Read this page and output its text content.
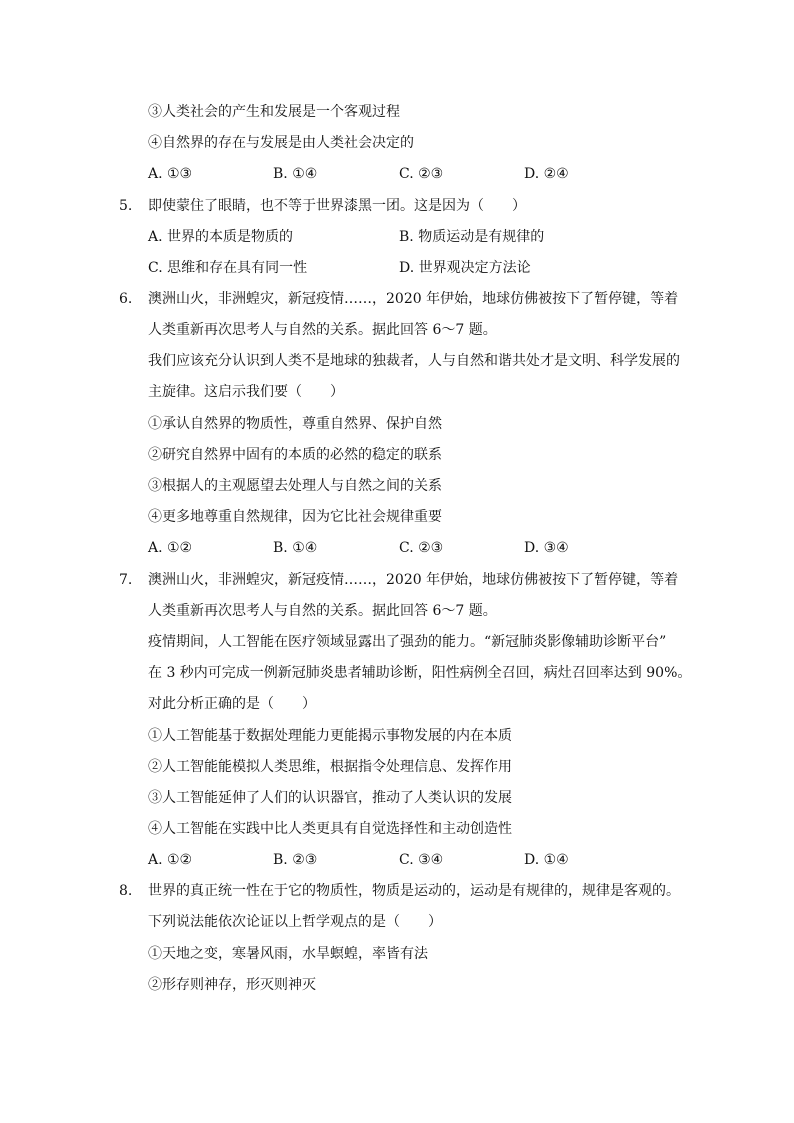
③人类社会的产生和发展是一个客观过程
④自然界的存在与发展是由人类社会决定的
A. ①③	B. ①④	C. ②③	D. ②④
5. 即使蒙住了眼睛，也不等于世界漆黑一团。这是因为（　　）
A. 世界的本质是物质的	B. 物质运动是有规律的
C. 思维和存在具有同一性	D. 世界观决定方法论
6. 澳洲山火，非洲蝗灾，新冠疫情……，2020 年伊始，地球仿佛被按下了暂停键，等着
人类重新再次思考人与自然的关系。据此回答 6～7 题。
我们应该充分认识到人类不是地球的独裁者，人与自然和谐共处才是文明、科学发展的
主旋律。这启示我们要（　　）
①承认自然界的物质性，尊重自然界、保护自然
②研究自然界中固有的本质的必然的稳定的联系
③根据人的主观愿望去处理人与自然之间的关系
④更多地尊重自然规律，因为它比社会规律重要
A. ①②	B. ①④	C. ②③	D. ③④
7. 澳洲山火，非洲蝗灾，新冠疫情……，2020 年伊始，地球仿佛被按下了暂停键，等着
人类重新再次思考人与自然的关系。据此回答 6～7 题。
疫情期间，人工智能在医疗领域显露出了强劲的能力。“新冠肺炎影像辅助诊断平台”
在 3 秒内可完成一例新冠肺炎患者辅助诊断，阳性病例全召回，病灶召回率达到 90%。
对此分析正确的是（　　）
①人工智能基于数据处理能力更能揭示事物发展的内在本质
②人工智能能模拟人类思维，根据指令处理信息、发挥作用
③人工智能延伸了人们的认识器官，推动了人类认识的发展
④人工智能在实践中比人类更具有自觉选择性和主动创造性
A. ①②	B. ②③	C. ③④	D. ①④
8. 世界的真正统一性在于它的物质性，物质是运动的，运动是有规律的，规律是客观的。
下列说法能依次论证以上哲学观点的是（　　）
①天地之变，寒暑风雨，水旱螟蝗，率皆有法
②形存则神存，形灭则神灭
